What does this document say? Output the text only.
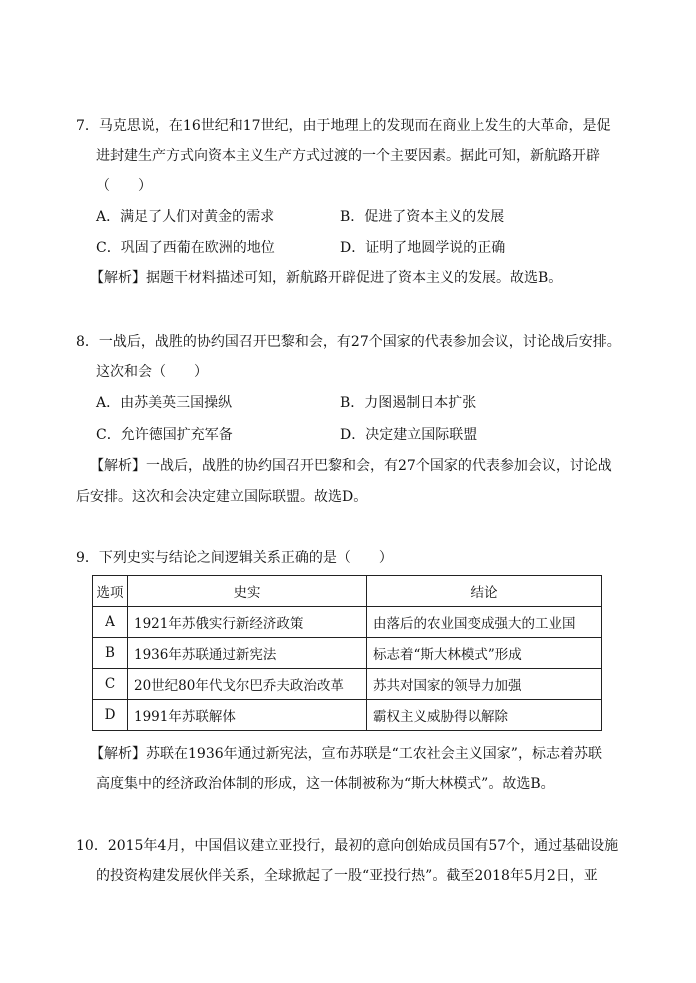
7．马克思说，在16世纪和17世纪，由于地理上的发现而在商业上发生的大革命，是促
进封建生产方式向资本主义生产方式过渡的一个主要因素。据此可知，新航路开辟
（　　）
A．满足了人们对黄金的需求	B．促进了资本主义的发展
C．巩固了西葡在欧洲的地位	D．证明了地圆学说的正确
【解析】据题干材料描述可知，新航路开辟促进了资本主义的发展。故选B。
8．一战后，战胜的协约国召开巴黎和会，有27个国家的代表参加会议，讨论战后安排。
这次和会（　　）
A．由苏美英三国操纵	B．力图遏制日本扩张
C．允许德国扩充军备	D．决定建立国际联盟
【解析】一战后，战胜的协约国召开巴黎和会，有27个国家的代表参加会议，讨论战
后安排。这次和会决定建立国际联盟。故选D。
9．下列史实与结论之间逻辑关系正确的是（　　）
选项	史实	结论
A	1921年苏俄实行新经济政策	由落后的农业国变成强大的工业国
B	1936年苏联通过新宪法	标志着“斯大林模式”形成
C	20世纪80年代戈尔巴乔夫政治改革	苏共对国家的领导力加强
D	1991年苏联解体	霸权主义威胁得以解除
【解析】苏联在1936年通过新宪法，宣布苏联是“工农社会主义国家”，标志着苏联
高度集中的经济政治体制的形成，这一体制被称为“斯大林模式”。故选B。
10．2015年4月，中国倡议建立亚投行，最初的意向创始成员国有57个，通过基础设施
的投资构建发展伙伴关系，全球掀起了一股“亚投行热”。截至2018年5月2日，亚
